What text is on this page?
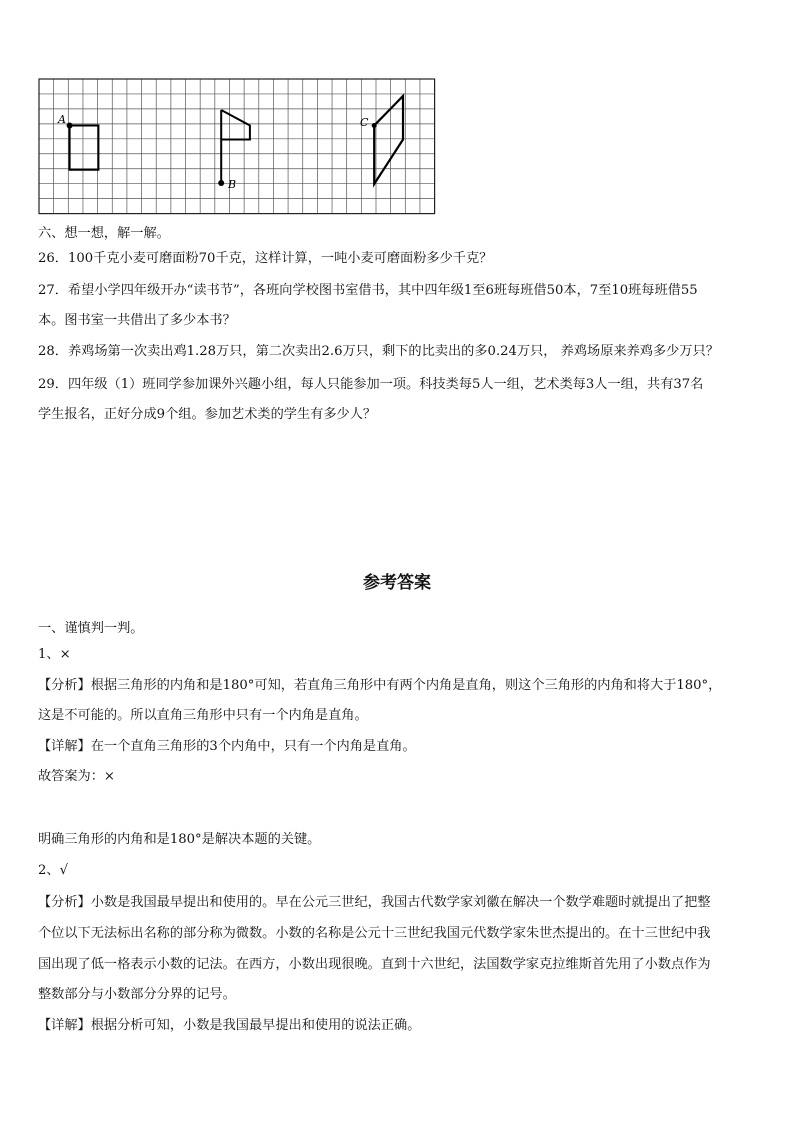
A
B
C
六、想一想，解一解。
26．100千克小麦可磨面粉70千克，这样计算，一吨小麦可磨面粉多少千克？
27．希望小学四年级开办“读书节”，各班向学校图书室借书，其中四年级1至6班每班借50本，7至10班每班借55
本。图书室一共借出了多少本书？
28．养鸡场第一次卖出鸡1.28万只，第二次卖出2.6万只，剩下的比卖出的多0.24万只， 养鸡场原来养鸡多少万只？
29．四年级（1）班同学参加课外兴趣小组，每人只能参加一项。科技类每5人一组，艺术类每3人一组，共有37名
学生报名，正好分成9个组。参加艺术类的学生有多少人？
参考答案
一、谨慎判一判。
1、×
【分析】根据三角形的内角和是180°可知，若直角三角形中有两个内角是直角，则这个三角形的内角和将大于180°，
这是不可能的。所以直角三角形中只有一个内角是直角。
【详解】在一个直角三角形的3个内角中，只有一个内角是直角。
故答案为：×
明确三角形的内角和是180°是解决本题的关键。
2、√
【分析】小数是我国最早提出和使用的。早在公元三世纪，我国古代数学家刘徽在解决一个数学难题时就提出了把整
个位以下无法标出名称的部分称为微数。小数的名称是公元十三世纪我国元代数学家朱世杰提出的。在十三世纪中我
国出现了低一格表示小数的记法。在西方，小数出现很晚。直到十六世纪，法国数学家克拉维斯首先用了小数点作为
整数部分与小数部分分界的记号。
【详解】根据分析可知，小数是我国最早提出和使用的说法正确。
